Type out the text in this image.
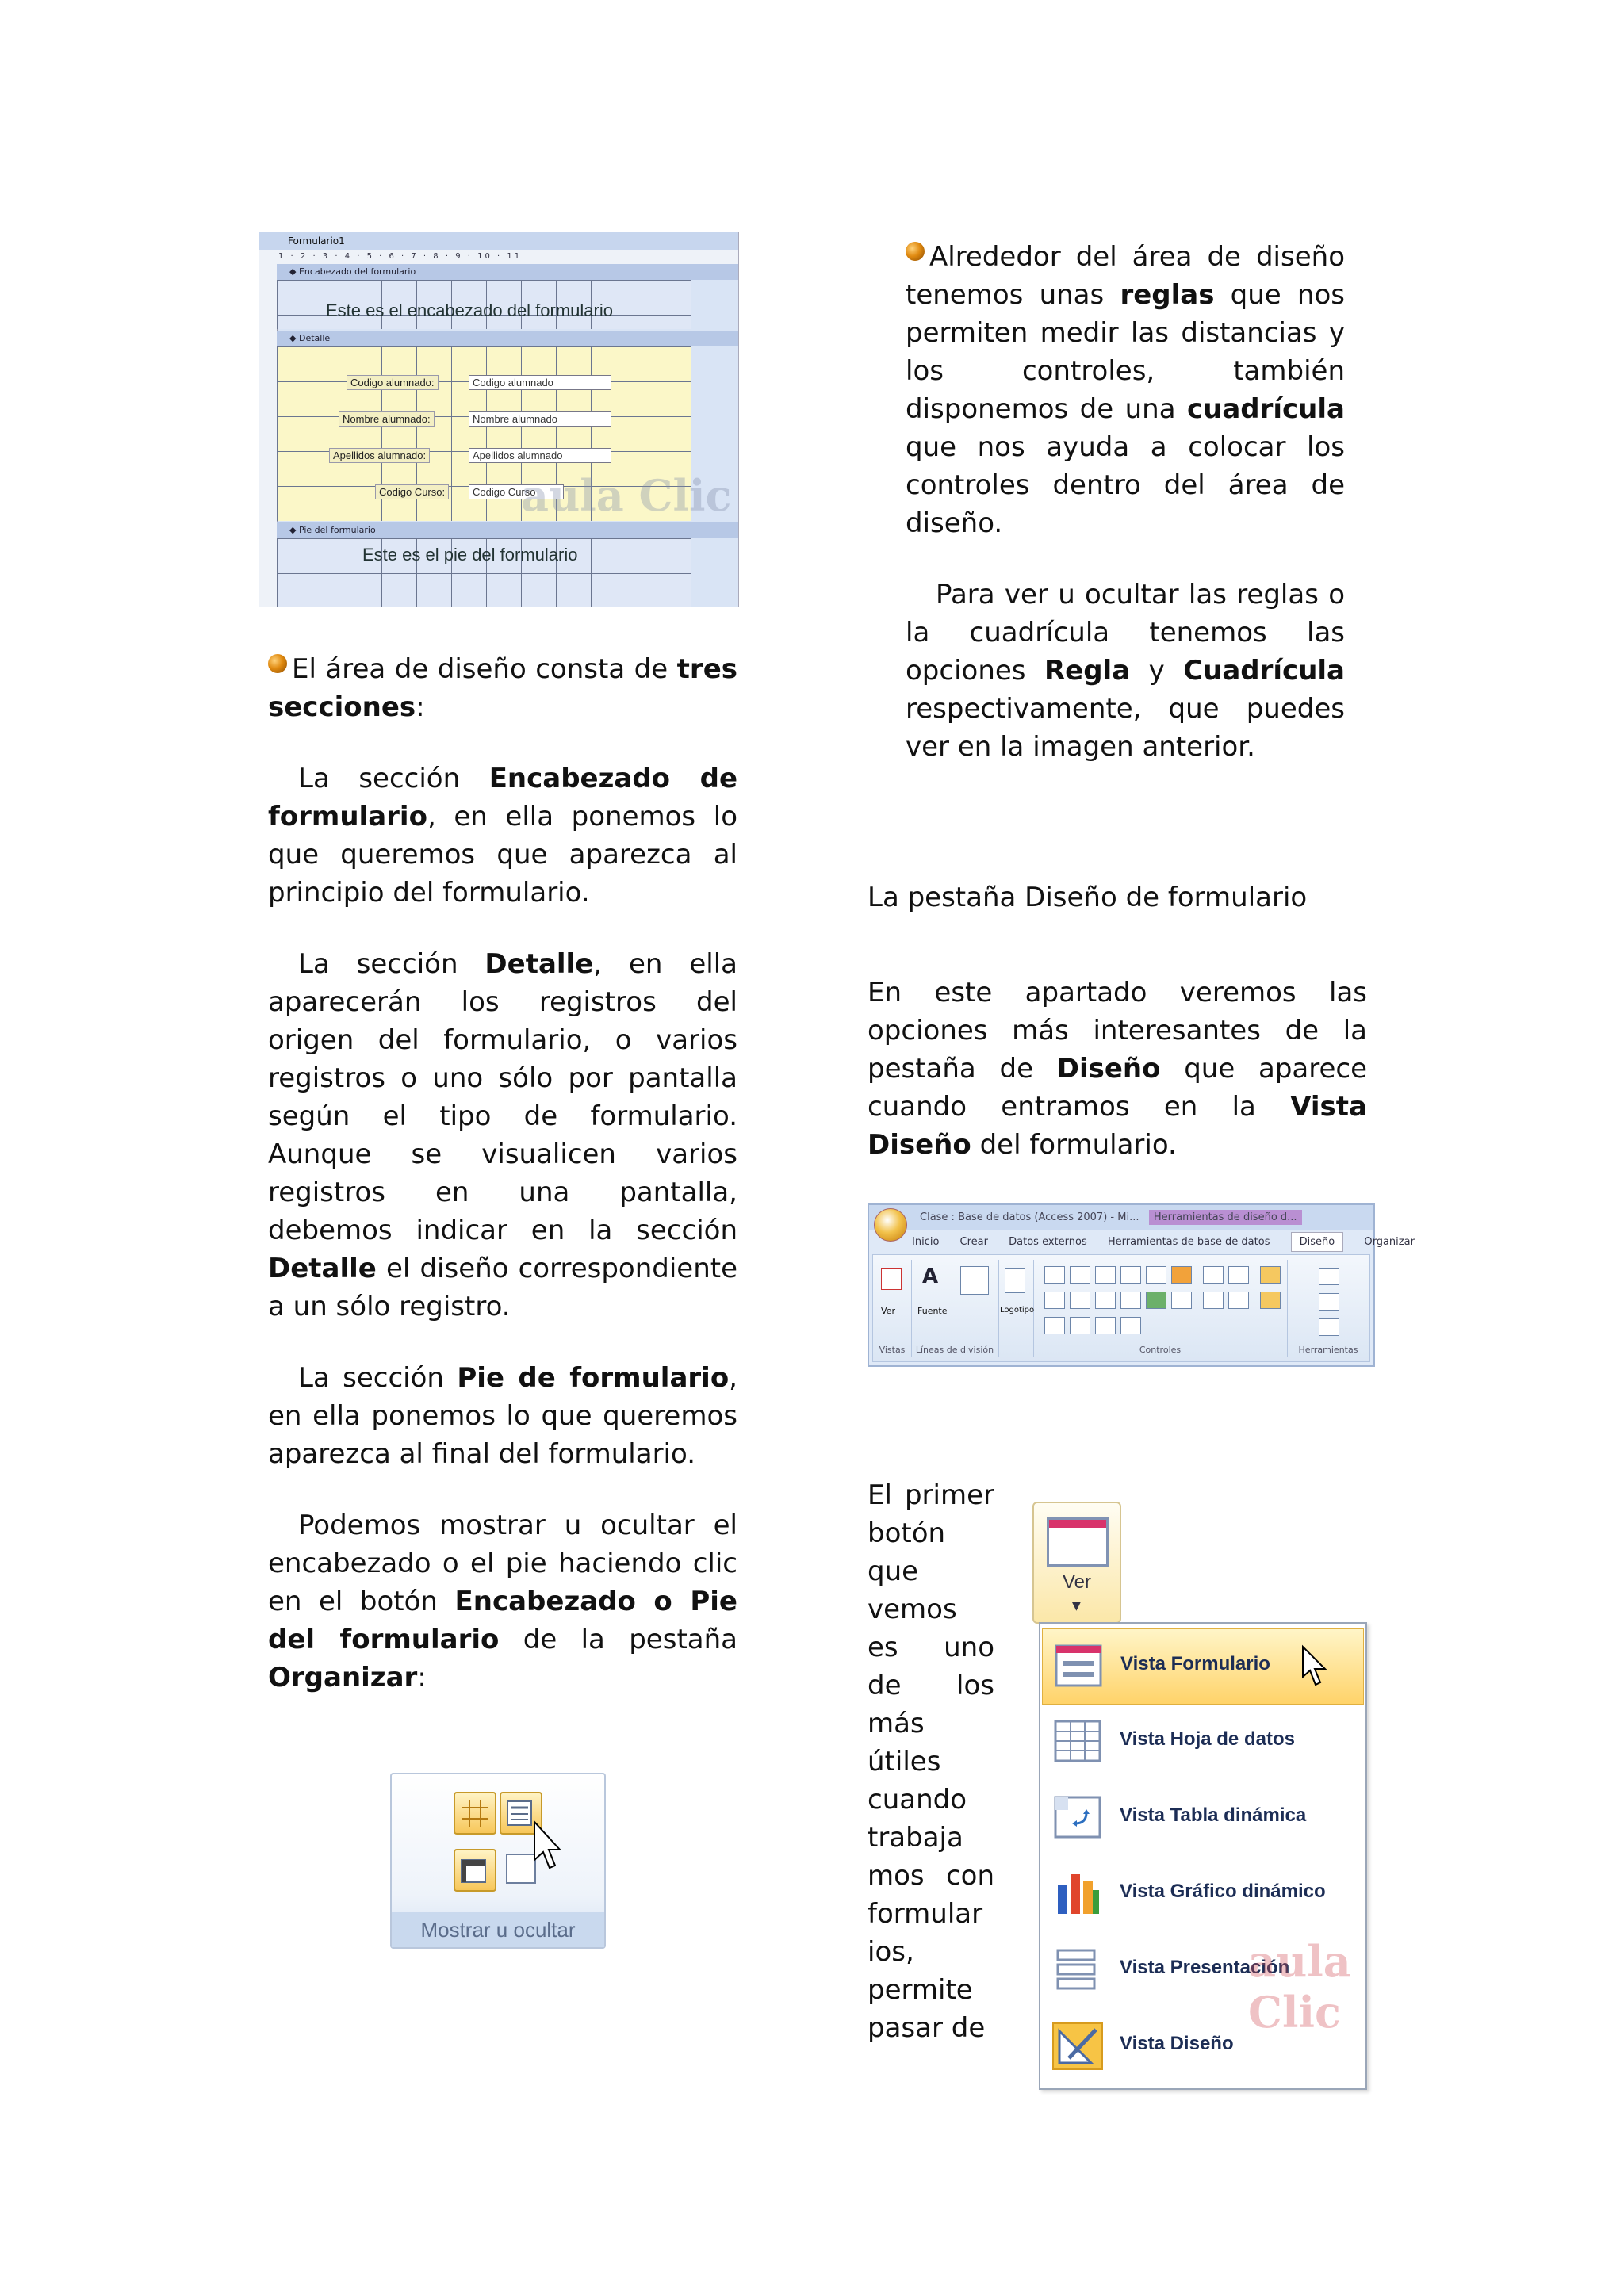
Formulario1
1 · 2 · 3 · 4 · 5 · 6 · 7 · 8 · 9 · 10 · 11
◆ Encabezado del formulario
Este es el encabezado del formulario
◆ Detalle
Codigo alumnado:	Codigo alumnado
Nombre alumnado:	Nombre alumnado
Apellidos alumnado:	Apellidos alumnado
Codigo Curso:	Codigo Curso
aula Clic
◆ Pie del formulario
Este es el pie del formulario

El área de diseño consta de tres secciones:

La sección Encabezado de formulario, en ella ponemos lo que queremos que aparezca al principio del formulario.

La sección Detalle, en ella aparecerán los registros del origen del formulario, o varios registros o uno sólo por pantalla según el tipo de formulario. Aunque se visualicen varios registros en una pantalla, debemos indicar en la sección Detalle el diseño correspondiente a un sólo registro.

La sección Pie de formulario, en ella ponemos lo que queremos aparezca al final del formulario.

Podemos mostrar u ocultar el encabezado o el pie haciendo clic en el botón Encabezado o Pie del formulario de la pestaña Organizar:

Mostrar u ocultar

Alrededor del área de diseño tenemos unas reglas que nos permiten medir las distancias y los controles, también disponemos de una cuadrícula que nos ayuda a colocar los controles dentro del área de diseño.

Para ver u ocultar las reglas o la cuadrícula tenemos las opciones Regla y Cuadrícula respectivamente, que puedes ver en la imagen anterior.

La pestaña Diseño de formulario

En este apartado veremos las opciones más interesantes de la pestaña de Diseño que aparece cuando entramos en la Vista Diseño del formulario.

Clase : Base de datos (Access 2007) - Mi... Herramientas de diseño d...
Inicio Crear Datos externos Herramientas de base de datos	Diseño	Organizar
Ver
Vistas
A
Fuente
Líneas de división
Logotipo
Controles	Herramientas
El primer botón que vemos es uno de los más útiles cuando trabaja mos con formular ios, permite pasar de
Ver
▼
Vista Formulario
Vista Hoja de datos
Vista Tabla dinámica
Vista Gráfico dinámico
Vista Presentación
aula Clic
Vista Diseño
